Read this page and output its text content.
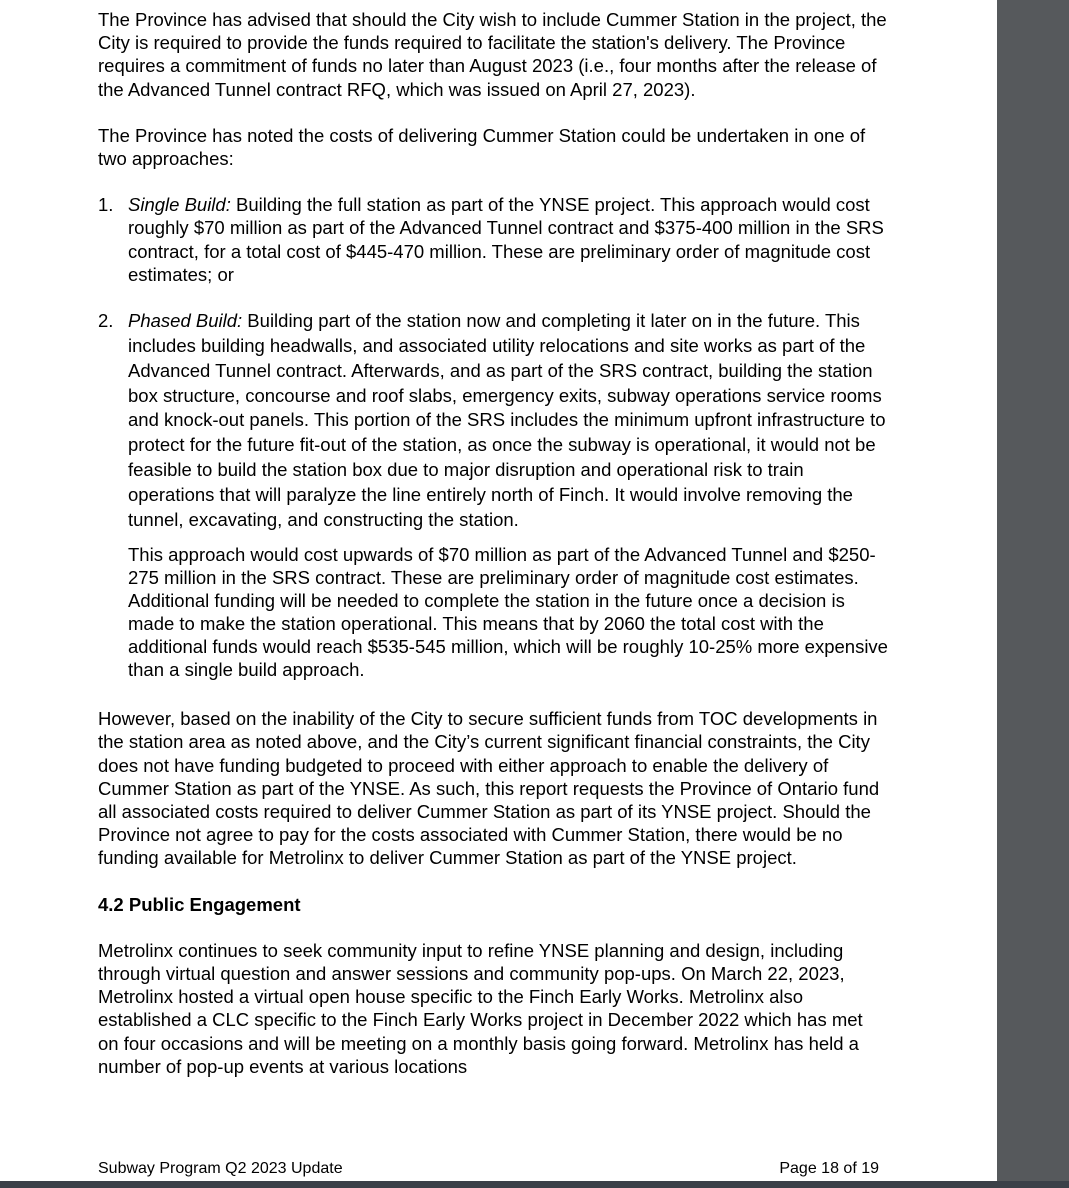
The Province has advised that should the City wish to include Cummer Station in the project, the City is required to provide the funds required to facilitate the station's delivery. The Province requires a commitment of funds no later than August 2023 (i.e., four months after the release of the Advanced Tunnel contract RFQ, which was issued on April 27, 2023).

The Province has noted the costs of delivering Cummer Station could be undertaken in one of two approaches:

1. Single Build: Building the full station as part of the YNSE project. This approach would cost roughly $70 million as part of the Advanced Tunnel contract and $375-400 million in the SRS contract, for a total cost of $445-470 million. These are preliminary order of magnitude cost estimates; or
2. Phased Build: Building part of the station now and completing it later on in the future. This includes building headwalls, and associated utility relocations and site works as part of the Advanced Tunnel contract. Afterwards, and as part of the SRS contract, building the station box structure, concourse and roof slabs, emergency exits, subway operations service rooms and knock-out panels. This portion of the SRS includes the minimum upfront infrastructure to protect for the future fit-out of the station, as once the subway is operational, it would not be feasible to build the station box due to major disruption and operational risk to train operations that will paralyze the line entirely north of Finch. It would involve removing the tunnel, excavating, and constructing the station.

This approach would cost upwards of $70 million as part of the Advanced Tunnel and $250-275 million in the SRS contract. These are preliminary order of magnitude cost estimates. Additional funding will be needed to complete the station in the future once a decision is made to make the station operational. This means that by 2060 the total cost with the additional funds would reach $535-545 million, which will be roughly 10-25% more expensive than a single build approach.

However, based on the inability of the City to secure sufficient funds from TOC developments in the station area as noted above, and the City’s current significant financial constraints, the City does not have funding budgeted to proceed with either approach to enable the delivery of Cummer Station as part of the YNSE. As such, this report requests the Province of Ontario fund all associated costs required to deliver Cummer Station as part of its YNSE project. Should the Province not agree to pay for the costs associated with Cummer Station, there would be no funding available for Metrolinx to deliver Cummer Station as part of the YNSE project.

4.2 Public Engagement

Metrolinx continues to seek community input to refine YNSE planning and design, including through virtual question and answer sessions and community pop-ups. On March 22, 2023, Metrolinx hosted a virtual open house specific to the Finch Early Works. Metrolinx also established a CLC specific to the Finch Early Works project in December 2022 which has met on four occasions and will be meeting on a monthly basis going forward. Metrolinx has held a number of pop-up events at various locations

Subway Program Q2 2023 Update	Page 18 of 19
